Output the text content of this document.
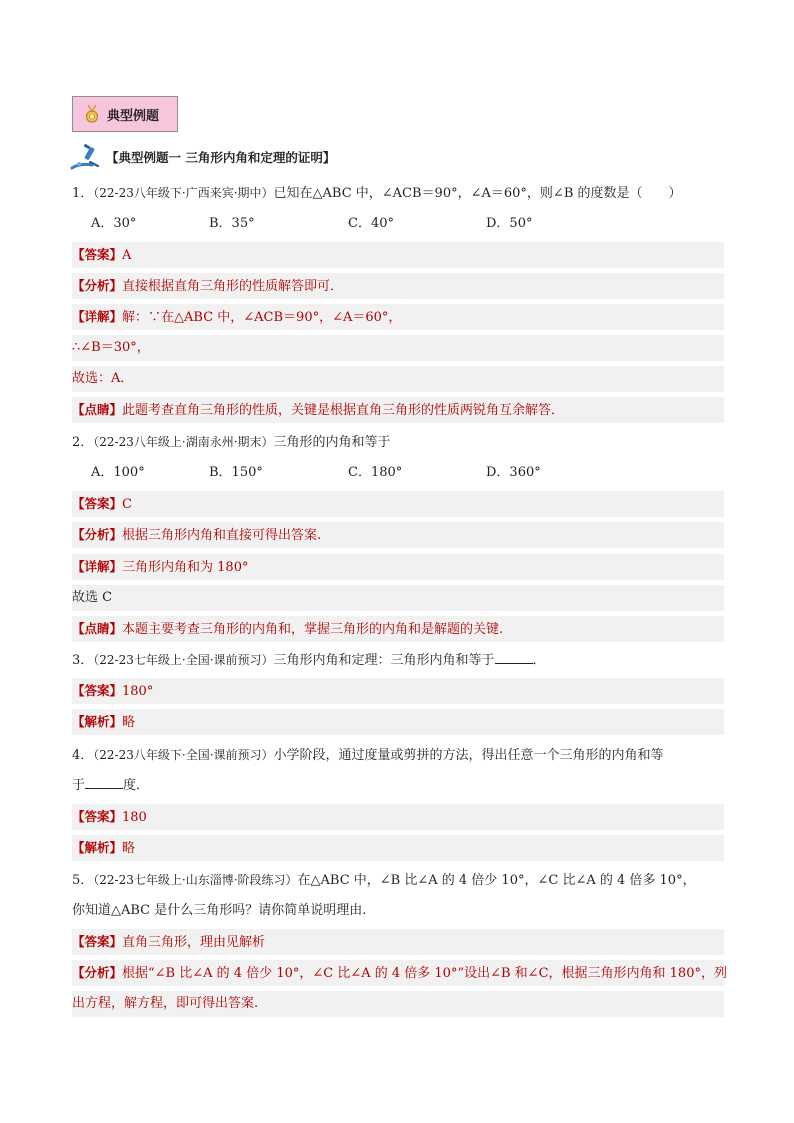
典型例题
【典型例题一 三角形内角和定理的证明】
1．（22-23八年级下·广西来宾·期中）已知在△ABC 中，∠ACB＝90°，∠A＝60°，则∠B 的度数是（　　）
A．30°	B．35°	C．40°	D．50°
【答案】A
【分析】直接根据直角三角形的性质解答即可．
【详解】解：∵在△ABC 中，∠ACB＝90°，∠A＝60°，
∴∠B＝30°，
故选：A．
【点睛】此题考查直角三角形的性质，关键是根据直角三角形的性质两锐角互余解答．
2．（22-23八年级上·湖南永州·期末）三角形的内角和等于
A．100°	B．150°	C．180°	D．360°
【答案】C
【分析】根据三角形内角和直接可得出答案.
【详解】三角形内角和为 180°
故选 C
【点睛】本题主要考查三角形的内角和，掌握三角形的内角和是解题的关键.
3．（22-23七年级上·全国·课前预习）三角形内角和定理：三角形内角和等于	．
【答案】180°
【解析】略
4．（22-23八年级下·全国·课前预习）小学阶段，通过度量或剪拼的方法，得出任意一个三角形的内角和等
于	度．
【答案】180
【解析】略
5．（22-23七年级上·山东淄博·阶段练习）在△ABC 中，∠B 比∠A 的 4 倍少 10°，∠C 比∠A 的 4 倍多 10°，
你知道△ABC 是什么三角形吗？请你简单说明理由.
【答案】直角三角形，理由见解析
【分析】根据“∠B 比∠A 的 4 倍少 10°，∠C 比∠A 的 4 倍多 10°”设出∠B 和∠C，根据三角形内角和 180°，列
出方程，解方程，即可得出答案.
